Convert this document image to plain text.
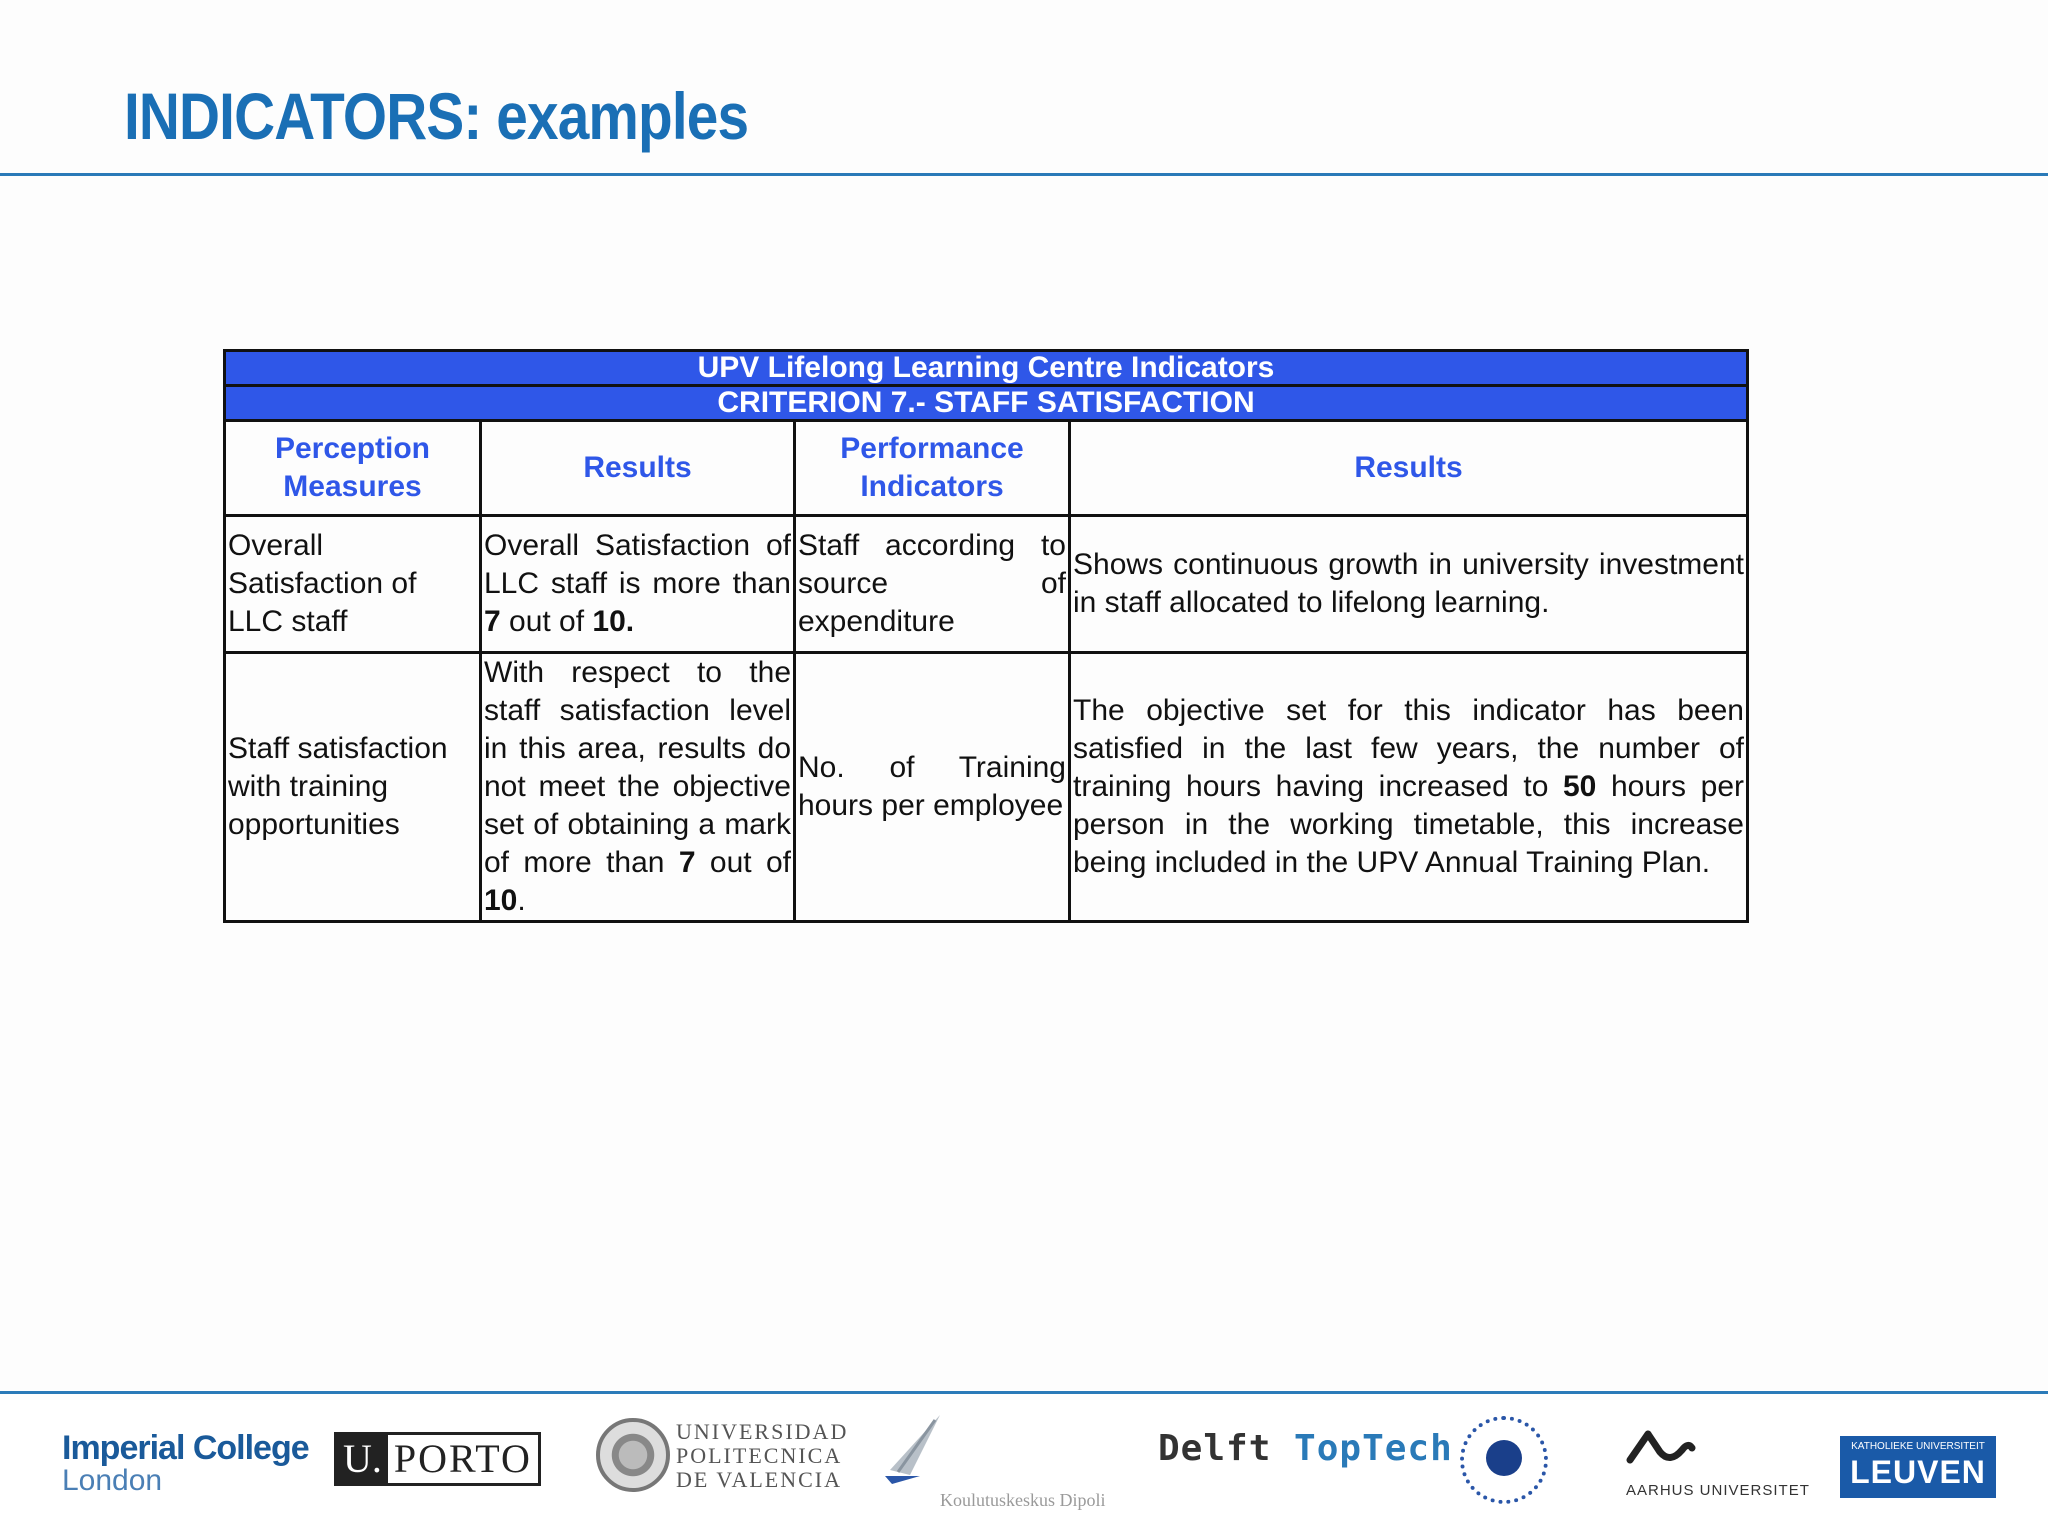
INDICATORS: examples
UPV Lifelong Learning Centre Indicators			
CRITERION 7.- STAFF SATISFACTION			
Perception Measures	Results	Performance Indicators	Results
Overall Satisfaction of LLC staff	Overall Satisfaction of LLC staff is more than 7 out of 10.	Staff according to source of expenditure	Shows continuous growth in university investment in staff allocated to lifelong learning.
Staff satisfaction with training opportunities	With respect to the staff satisfaction level in this area, results do not meet the objective set of obtaining a mark of more than 7 out of 10.	No. of Training hours per employee	The objective set for this indicator has been satisfied in the last few years, the number of training hours having increased to 50 hours per person in the working timetable, this increase being included in the UPV Annual Training Plan.
Imperial College
London	U. PORTO
UNIVERSIDAD
POLITECNICA
DE VALENCIA
Koulutuskeskus Dipoli
Delft TopTech
AARHUS UNIVERSITET
KATHOLIEKE UNIVERSITEIT
LEUVEN
